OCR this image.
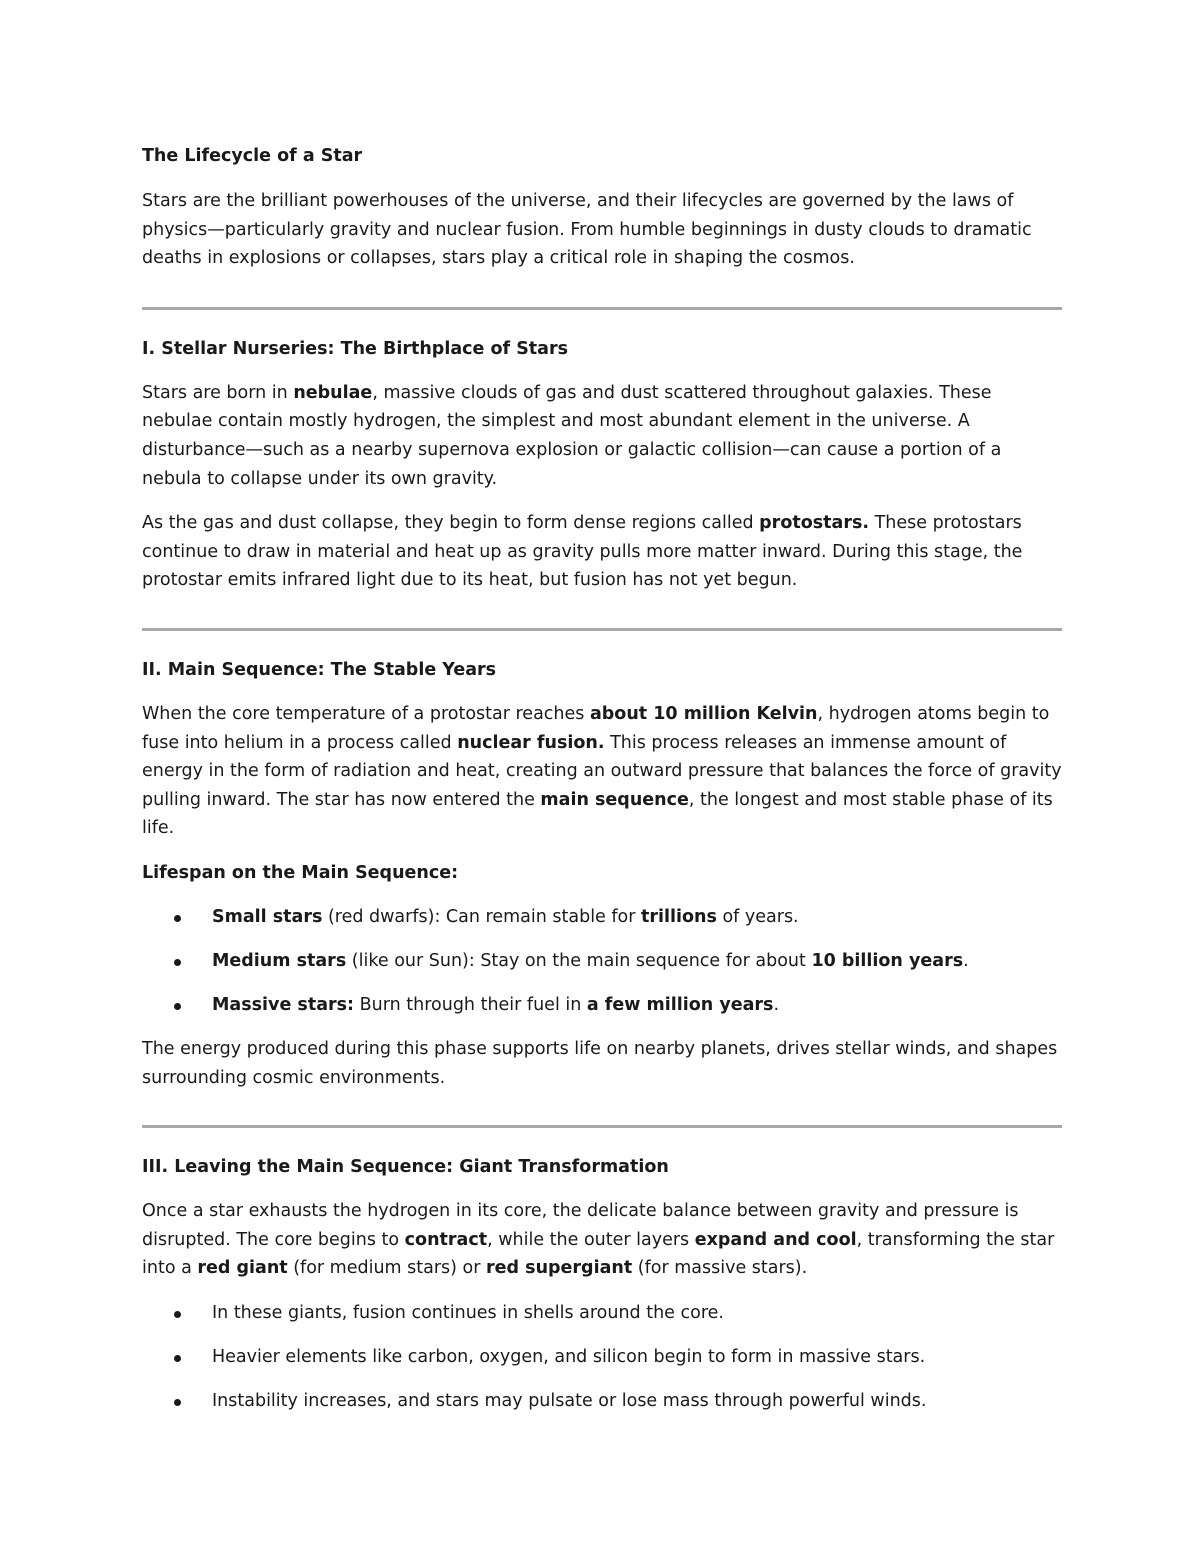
The Lifecycle of a Star

Stars are the brilliant powerhouses of the universe, and their lifecycles are governed by the laws of physics—particularly gravity and nuclear fusion. From humble beginnings in dusty clouds to dramatic deaths in explosions or collapses, stars play a critical role in shaping the cosmos.

I. Stellar Nurseries: The Birthplace of Stars

Stars are born in nebulae, massive clouds of gas and dust scattered throughout galaxies. These nebulae contain mostly hydrogen, the simplest and most abundant element in the universe. A disturbance—such as a nearby supernova explosion or galactic collision—can cause a portion of a nebula to collapse under its own gravity.

As the gas and dust collapse, they begin to form dense regions called protostars. These protostars continue to draw in material and heat up as gravity pulls more matter inward. During this stage, the protostar emits infrared light due to its heat, but fusion has not yet begun.

II. Main Sequence: The Stable Years

When the core temperature of a protostar reaches about 10 million Kelvin, hydrogen atoms begin to fuse into helium in a process called nuclear fusion. This process releases an immense amount of energy in the form of radiation and heat, creating an outward pressure that balances the force of gravity pulling inward. The star has now entered the main sequence, the longest and most stable phase of its life.

Lifespan on the Main Sequence:
Small stars (red dwarfs): Can remain stable for trillions of years.
Medium stars (like our Sun): Stay on the main sequence for about 10 billion years.
Massive stars: Burn through their fuel in a few million years.

The energy produced during this phase supports life on nearby planets, drives stellar winds, and shapes surrounding cosmic environments.

III. Leaving the Main Sequence: Giant Transformation

Once a star exhausts the hydrogen in its core, the delicate balance between gravity and pressure is disrupted. The core begins to contract, while the outer layers expand and cool, transforming the star into a red giant (for medium stars) or red supergiant (for massive stars).

In these giants, fusion continues in shells around the core.
Heavier elements like carbon, oxygen, and silicon begin to form in massive stars.
Instability increases, and stars may pulsate or lose mass through powerful winds.
